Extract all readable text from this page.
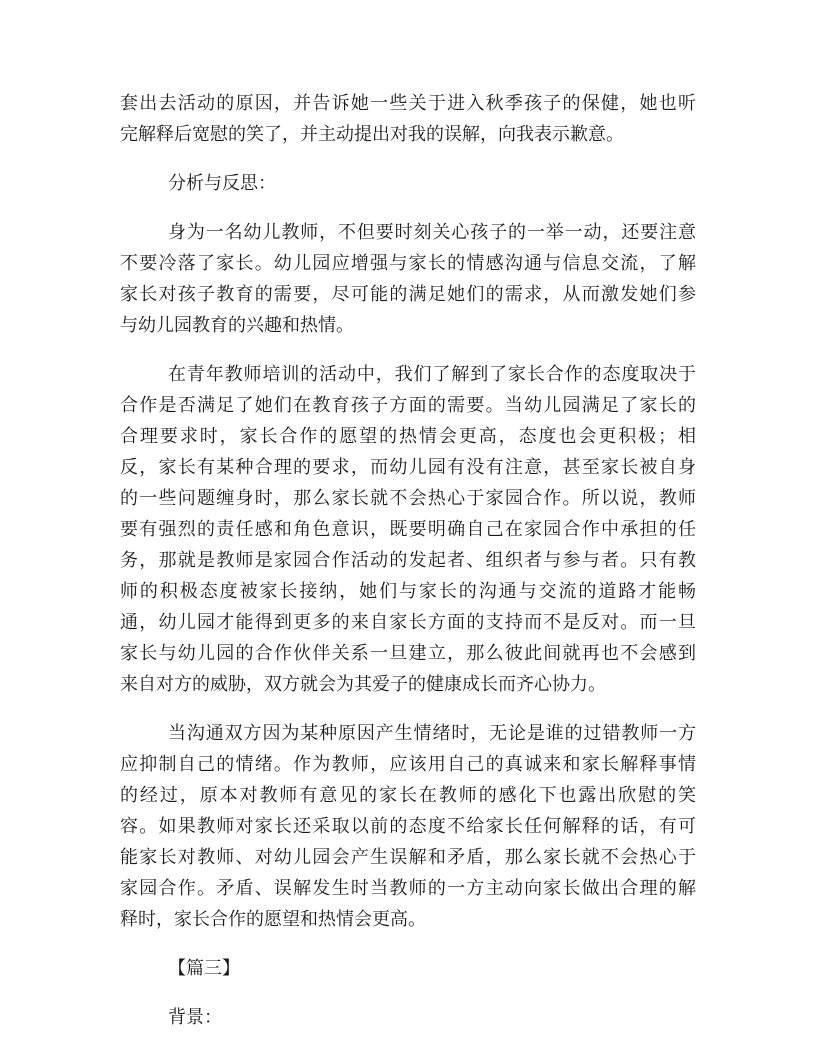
套出去活动的原因，并告诉她一些关于进入秋季孩子的保健，她也听
完解释后宽慰的笑了，并主动提出对我的误解，向我表示歉意。
分析与反思：
身为一名幼儿教师，不但要时刻关心孩子的一举一动，还要注意
不要冷落了家长。幼儿园应增强与家长的情感沟通与信息交流，了解
家长对孩子教育的需要，尽可能的满足她们的需求，从而激发她们参
与幼儿园教育的兴趣和热情。
在青年教师培训的活动中，我们了解到了家长合作的态度取决于
合作是否满足了她们在教育孩子方面的需要。当幼儿园满足了家长的
合理要求时，家长合作的愿望的热情会更高，态度也会更积极；相
反，家长有某种合理的要求，而幼儿园有没有注意，甚至家长被自身
的一些问题缠身时，那么家长就不会热心于家园合作。所以说，教师
要有强烈的责任感和角色意识，既要明确自己在家园合作中承担的任
务，那就是教师是家园合作活动的发起者、组织者与参与者。只有教
师的积极态度被家长接纳，她们与家长的沟通与交流的道路才能畅
通，幼儿园才能得到更多的来自家长方面的支持而不是反对。而一旦
家长与幼儿园的合作伙伴关系一旦建立，那么彼此间就再也不会感到
来自对方的威胁，双方就会为其爱子的健康成长而齐心协力。
当沟通双方因为某种原因产生情绪时，无论是谁的过错教师一方
应抑制自己的情绪。作为教师，应该用自己的真诚来和家长解释事情
的经过，原本对教师有意见的家长在教师的感化下也露出欣慰的笑
容。如果教师对家长还采取以前的态度不给家长任何解释的话，有可
能家长对教师、对幼儿园会产生误解和矛盾，那么家长就不会热心于
家园合作。矛盾、误解发生时当教师的一方主动向家长做出合理的解
释时，家长合作的愿望和热情会更高。
【篇三】
背景：
